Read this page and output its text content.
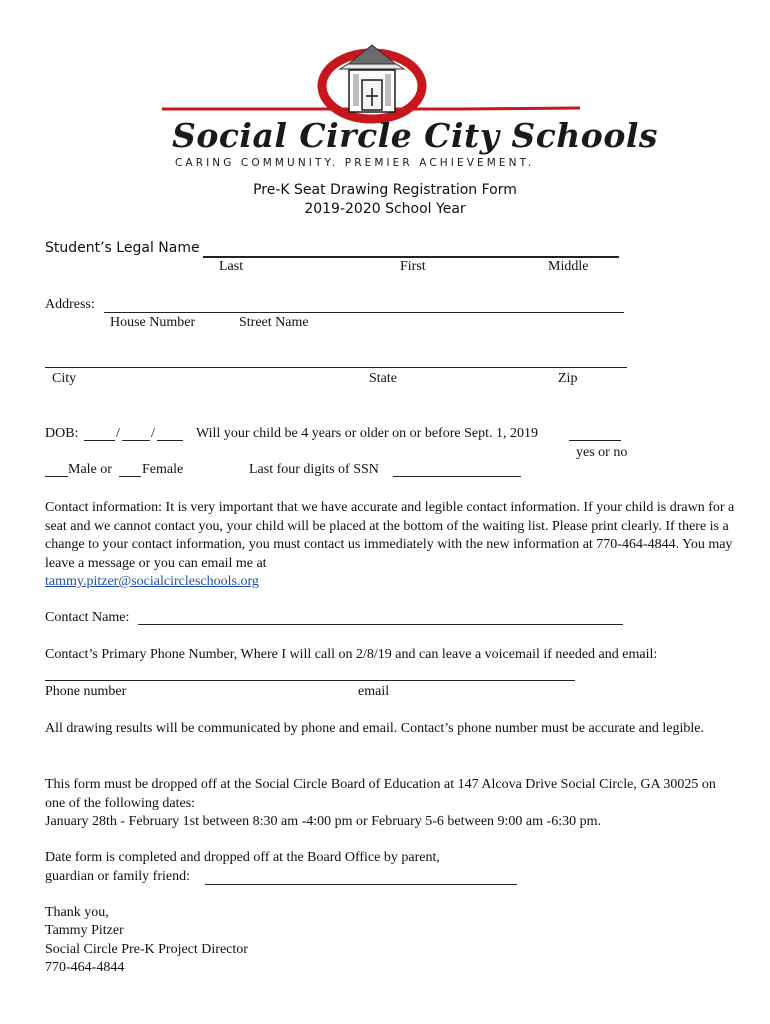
Social Circle City Schools
CARING COMMUNITY. PREMIER ACHIEVEMENT.
Pre-K Seat Drawing Registration Form
2019-2020 School Year
Student’s Legal Name
Last	First	Middle
Address:
House Number	Street Name
City	State	Zip
DOB:	/ /	Will your child be 4 years or older on or before Sept. 1, 2019
yes or no
Male or Female	Last four digits of SSN
Contact information: It is very important that we have accurate and legible contact information. If your child is drawn for a seat and we cannot contact you, your child will be placed at the bottom of the waiting list. Please print clearly. If there is a change to your contact information, you must contact us immediately with the new information at 770-464-4844. You may leave a message or you can email me at
tammy.pitzer@socialcircleschools.org
Contact Name:
Contact’s Primary Phone Number, Where I will call on 2/8/19 and can leave a voicemail if needed and email:
Phone number	email
All drawing results will be communicated by phone and email. Contact’s phone number must be accurate and legible.
This form must be dropped off at the Social Circle Board of Education at 147 Alcova Drive Social Circle, GA 30025 on one of the following dates:
January 28th - February 1st between 8:30 am -4:00 pm or February 5-6 between 9:00 am -6:30 pm.
Date form is completed and dropped off at the Board Office by parent,
guardian or family friend:
Thank you,
Tammy Pitzer
Social Circle Pre-K Project Director
770-464-4844
